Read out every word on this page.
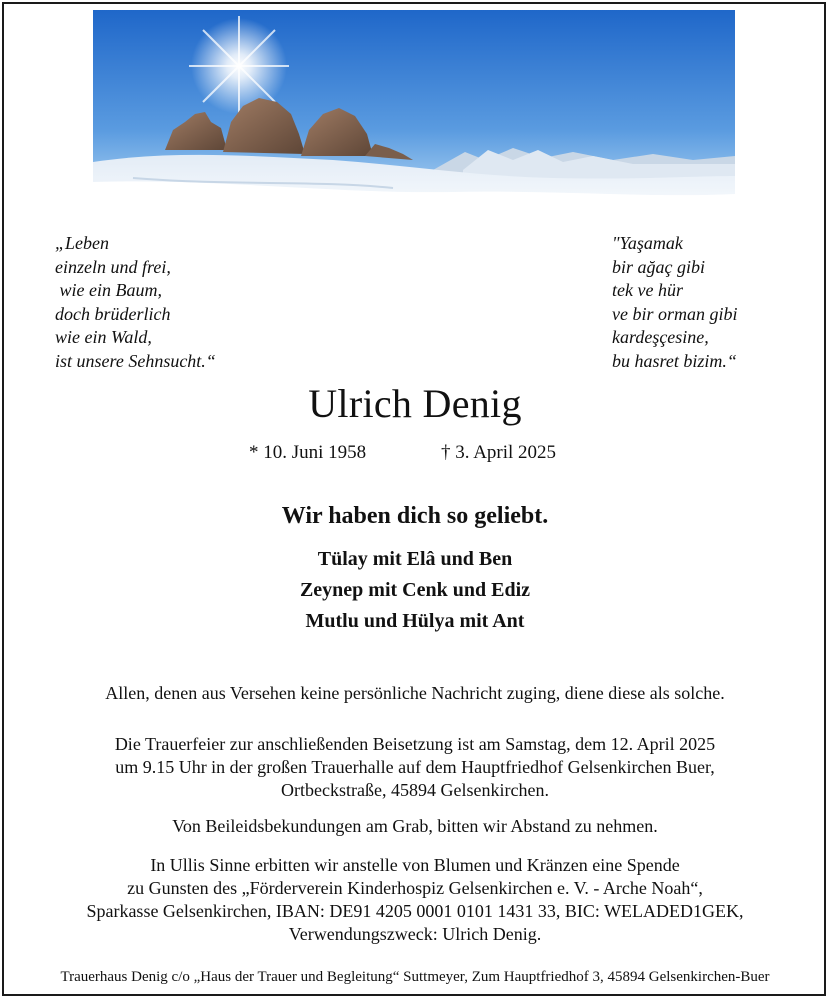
„Leben
einzeln und frei,
wie ein Baum,
doch brüderlich
wie ein Wald,
ist unsere Sehnsucht.“
"Yaşamak
bir ağaç gibi
tek ve hür
ve bir orman gibi
kardeşçesine,
bu hasret bizim.“
Ulrich Denig
* 10. Juni 1958	† 3. April 2025
Wir haben dich so geliebt.
Tülay mit Elâ und Ben
Zeynep mit Cenk und Ediz
Mutlu und Hülya mit Ant
Allen, denen aus Versehen keine persönliche Nachricht zuging, diene diese als solche.
Die Trauerfeier zur anschließenden Beisetzung ist am Samstag, dem 12. April 2025
um 9.15 Uhr in der großen Trauerhalle auf dem Hauptfriedhof Gelsenkirchen Buer,
Ortbeckstraße, 45894 Gelsenkirchen.
Von Beileidsbekundungen am Grab, bitten wir Abstand zu nehmen.
In Ullis Sinne erbitten wir anstelle von Blumen und Kränzen eine Spende
zu Gunsten des „Förderverein Kinderhospiz Gelsenkirchen e. V. - Arche Noah“,
Sparkasse Gelsenkirchen, IBAN: DE91 4205 0001 0101 1431 33, BIC: WELADED1GEK,
Verwendungszweck: Ulrich Denig.
Trauerhaus Denig c/o „Haus der Trauer und Begleitung“ Suttmeyer, Zum Hauptfriedhof 3, 45894 Gelsenkirchen-Buer
